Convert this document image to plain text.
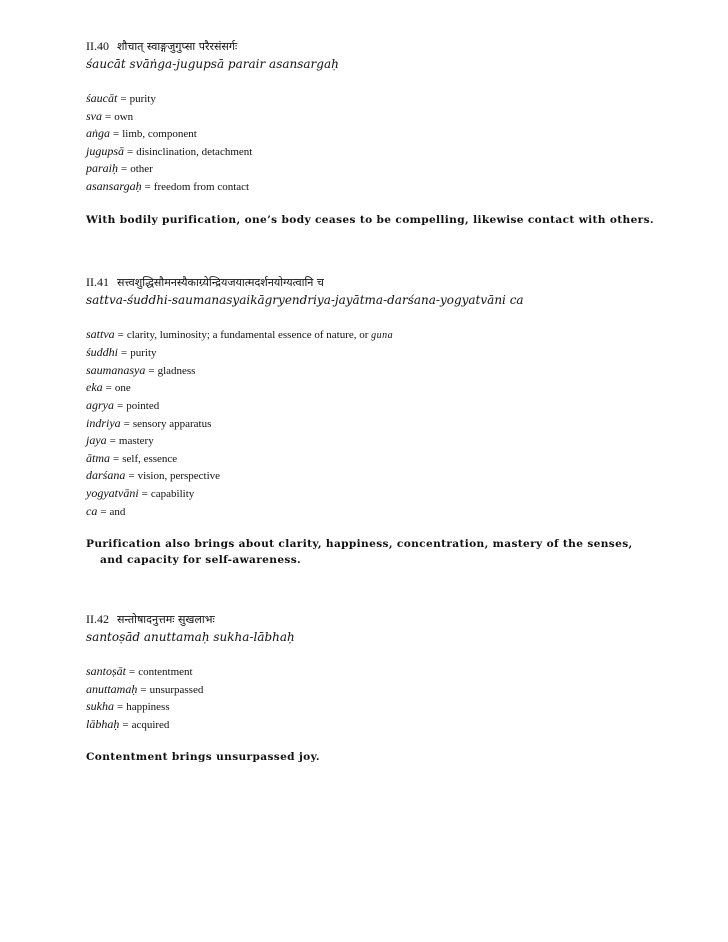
II.40 शौचात् स्वाङ्गजुगुप्सा परैरसंसर्गः
śaucāt svāṅga-jugupsā parair asansargaḥ
śaucāt = purity
sva = own
aṅga = limb, component
jugupsā = disinclination, detachment
paraiḥ = other
asansargaḥ = freedom from contact
With bodily purification, one’s body ceases to be compelling, likewise contact with others.
II.41 सत्त्वशुद्धिसौमनस्यैकाग्र्येन्द्रियजयात्मदर्शनयोग्यत्वानि च
sattva-śuddhi-saumanasyaikāgryendriya-jayātma-darśana-yogyatvāni ca
sattva = clarity, luminosity; a fundamental essence of nature, or guna
śuddhi = purity
saumanasya = gladness
eka = one
agrya = pointed
indriya = sensory apparatus
jaya = mastery
ātma = self, essence
darśana = vision, perspective
yogyatvāni = capability
ca = and
Purification also brings about clarity, happiness, concentration, mastery of the senses, and capacity for self-awareness.
II.42 सन्तोषादनुत्तमः सुखलाभः
santoṣād anuttamaḥ sukha-lābhaḥ
santoṣāt = contentment
anuttamaḥ = unsurpassed
sukha = happiness
lābhaḥ = acquired
Contentment brings unsurpassed joy.
